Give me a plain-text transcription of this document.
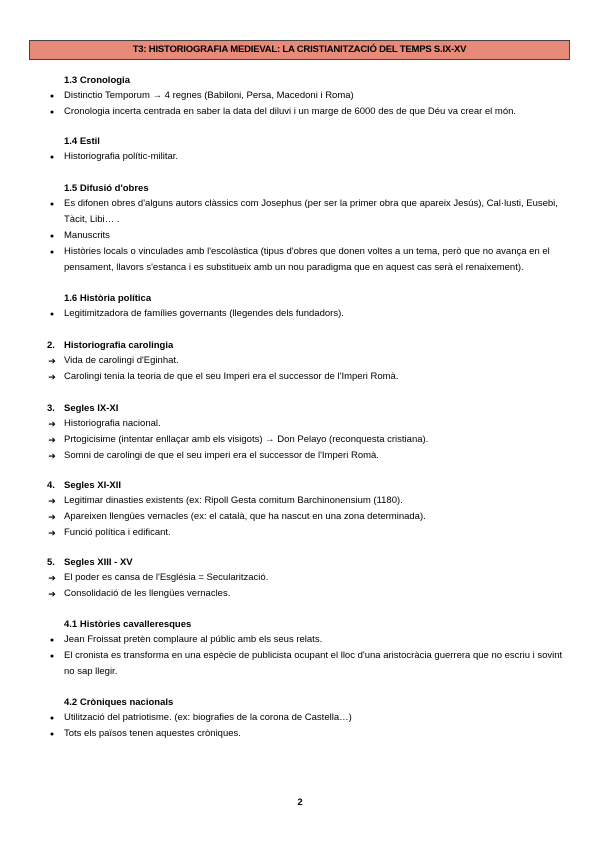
T3: HISTORIOGRAFIA MEDIEVAL: LA CRISTIANITZACIÓ DEL TEMPS S.IX-XV
1.3 Cronologia
●
Distinctio Temporum → 4 regnes (Babiloni, Persa, Macedoni i Roma)
●
Cronologia incerta centrada en saber la data del diluvi i un marge de 6000 des de que Déu va crear el món.
1.4 Estil
●
Historiografia polític-militar.
1.5 Difusió d'obres
●
Es difonen obres d'alguns autors clàssics com Josephus (per ser la primer obra que apareix Jesús), Cal·lusti, Eusebi, Tàcit, Libi… .
●
Manuscrits
●
Històries locals o vinculades amb l'escolàstica (tipus d'obres que donen voltes a un tema, però que no avança en el pensament, llavors s'estanca i es substitueix amb un nou paradigma que en aquest cas serà el renaixement).
1.6 Història política
●
Legitimitzadora de famílies governants (llegendes dels fundadors).
2. Historiografia carolingia
➔
Vida de carolingi d'Eginhat.
➔
Carolingi tenia la teoria de que el seu Imperi era el successor de l'Imperi Romà.
3. Segles IX-XI
➔
Historiografia nacional.
➔
Prtogicisime (intentar enllaçar amb els visigots) → Don Pelayo (reconquesta cristiana).
➔
Somni de carolingi de que el seu imperi era el successor de l'Imperi Romà.
4. Segles XI-XII
➔
Legitimar dinasties existents (ex: Ripoll Gesta comitum Barchinonensium (1180).
➔
Apareixen llengües vernacles (ex: el català, que ha nascut en una zona determinada).
➔
Funció política i edificant.
5. Segles XIII - XV
➔
El poder es cansa de l'Església = Secularització.
➔
Consolidació de les llengües vernacles.
4.1 Històries cavalleresques
●
Jean Froissat pretèn complaure al públic amb els seus relats.
●
El cronista es transforma en una espècie de publicista ocupant el lloc d'una aristocràcia guerrera que no escriu i sovint no sap llegir.
4.2 Cròniques nacionals
●
Utilització del patriotisme. (ex: biografies de la corona de Castella…)
●
Tots els països tenen aquestes cròniques.
2
